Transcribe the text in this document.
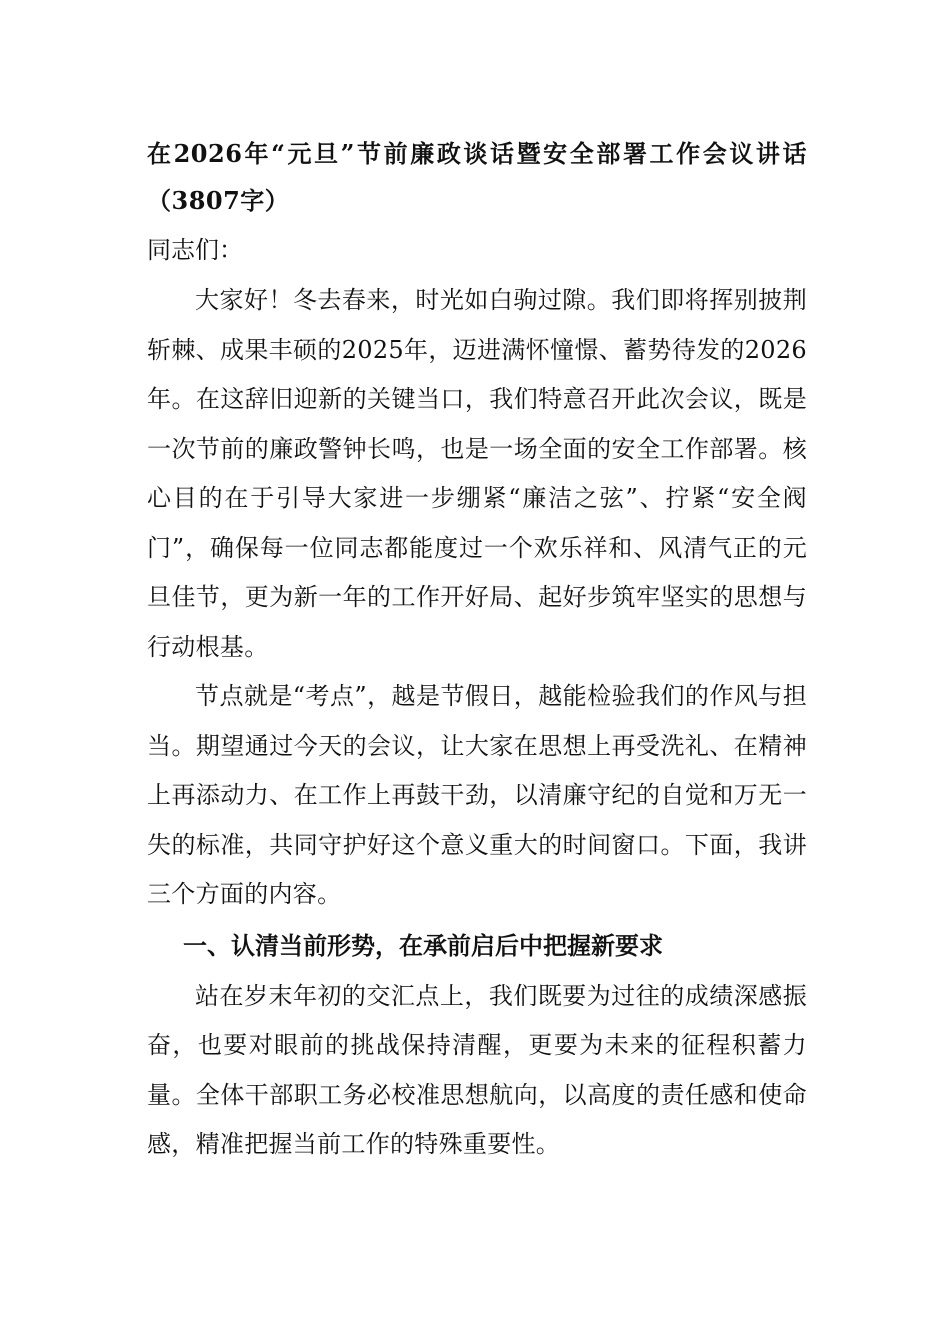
在2026年“元旦”节前廉政谈话暨安全部署工作会议讲话（3807字）

同志们：

大家好！冬去春来，时光如白驹过隙。我们即将挥别披荆斩棘、成果丰硕的2025年，迈进满怀憧憬、蓄势待发的2026年。在这辞旧迎新的关键当口，我们特意召开此次会议，既是一次节前的廉政警钟长鸣，也是一场全面的安全工作部署。核心目的在于引导大家进一步绷紧“廉洁之弦”、拧紧“安全阀门”，确保每一位同志都能度过一个欢乐祥和、风清气正的元旦佳节，更为新一年的工作开好局、起好步筑牢坚实的思想与行动根基。

节点就是“考点”，越是节假日，越能检验我们的作风与担当。期望通过今天的会议，让大家在思想上再受洗礼、在精神上再添动力、在工作上再鼓干劲，以清廉守纪的自觉和万无一失的标准，共同守护好这个意义重大的时间窗口。下面，我讲三个方面的内容。

一、认清当前形势，在承前启后中把握新要求

站在岁末年初的交汇点上，我们既要为过往的成绩深感振奋，也要对眼前的挑战保持清醒，更要为未来的征程积蓄力量。全体干部职工务必校准思想航向，以高度的责任感和使命感，精准把握当前工作的特殊重要性。
